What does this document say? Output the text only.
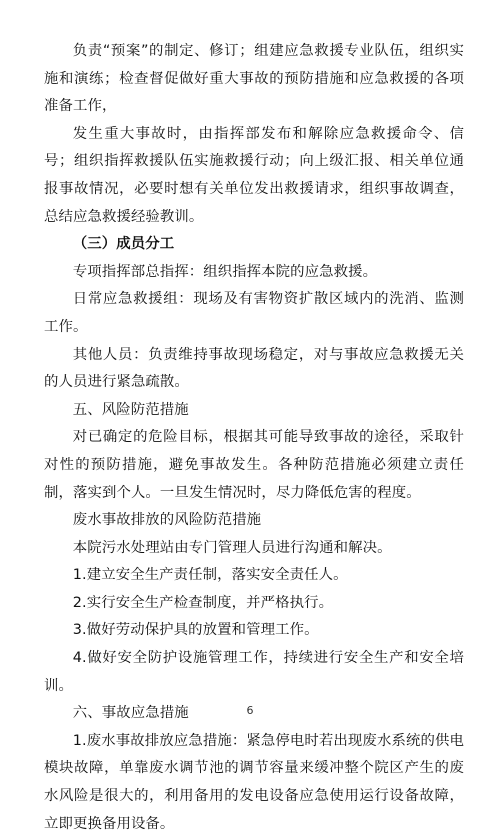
负责“预案”的制定、修订；组建应急救援专业队伍，组织实施和演练；检查督促做好重大事故的预防措施和应急救援的各项准备工作，

发生重大事故时，由指挥部发布和解除应急救援命令、信号；组织指挥救援队伍实施救援行动；向上级汇报、相关单位通报事故情况，必要时想有关单位发出救援请求，组织事故调查，总结应急救援经验教训。

（三）成员分工

专项指挥部总指挥：组织指挥本院的应急救援。

日常应急救援组：现场及有害物资扩散区域内的洗消、监测工作。

其他人员：负责维持事故现场稳定，对与事故应急救援无关的人员进行紧急疏散。

五、风险防范措施

对已确定的危险目标，根据其可能导致事故的途径，采取针对性的预防措施，避免事故发生。各种防范措施必须建立责任制，落实到个人。一旦发生情况时，尽力降低危害的程度。

废水事故排放的风险防范措施

本院污水处理站由专门管理人员进行沟通和解决。

1.建立安全生产责任制，落实安全责任人。

2.实行安全生产检查制度，并严格执行。

3.做好劳动保护具的放置和管理工作。

4.做好安全防护设施管理工作，持续进行安全生产和安全培训。

六、事故应急措施

1.废水事故排放应急措施：紧急停电时若出现废水系统的供电模块故障，单靠废水调节池的调节容量来缓冲整个院区产生的废水风险是很大的，利用备用的发电设备应急使用运行设备故障，立即更换备用设备。

6
